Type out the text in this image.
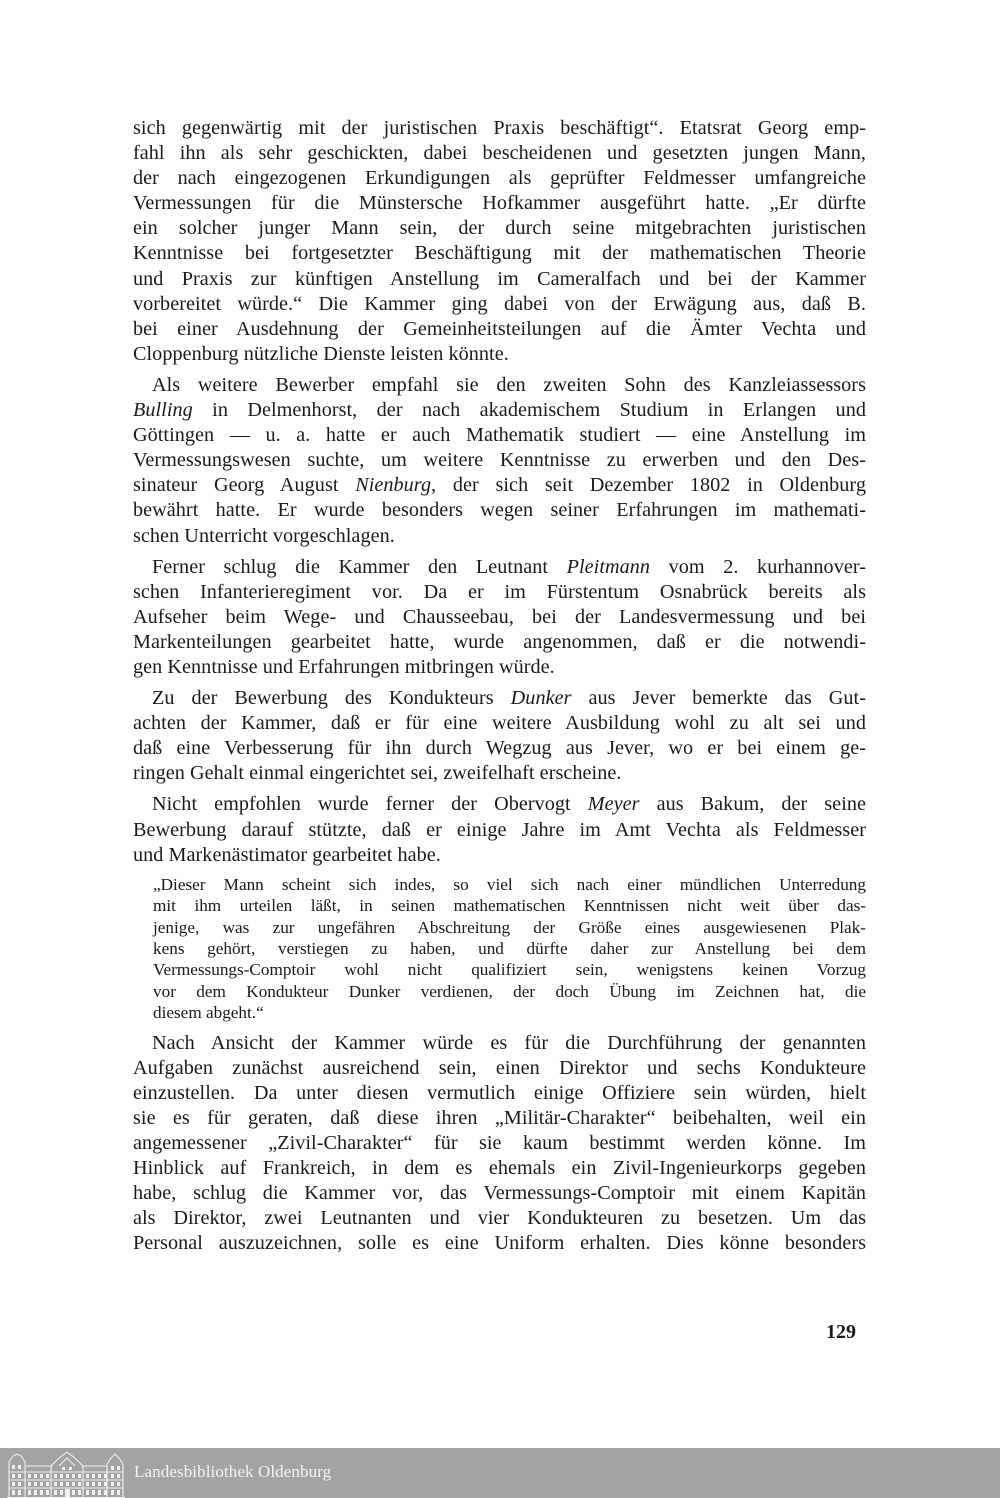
sich gegenwärtig mit der juristischen Praxis beschäftigt“. Etatsrat Georg emp-
fahl ihn als sehr geschickten, dabei bescheidenen und gesetzten jungen Mann,
der nach eingezogenen Erkundigungen als geprüfter Feldmesser umfangreiche
Vermessungen für die Münstersche Hofkammer ausgeführt hatte. „Er dürfte
ein solcher junger Mann sein, der durch seine mitgebrachten juristischen
Kenntnisse bei fortgesetzter Beschäftigung mit der mathematischen Theorie
und Praxis zur künftigen Anstellung im Cameralfach und bei der Kammer
vorbereitet würde.“ Die Kammer ging dabei von der Erwägung aus, daß B.
bei einer Ausdehnung der Gemeinheitsteilungen auf die Ämter Vechta und
Cloppenburg nützliche Dienste leisten könnte.

Als weitere Bewerber empfahl sie den zweiten Sohn des Kanzleiassessors
Bulling in Delmenhorst, der nach akademischem Studium in Erlangen und
Göttingen — u. a. hatte er auch Mathematik studiert — eine Anstellung im
Vermessungswesen suchte, um weitere Kenntnisse zu erwerben und den Des-
sinateur Georg August Nienburg, der sich seit Dezember 1802 in Oldenburg
bewährt hatte. Er wurde besonders wegen seiner Erfahrungen im mathemati-
schen Unterricht vorgeschlagen.

Ferner schlug die Kammer den Leutnant Pleitmann vom 2. kurhannover-
schen Infanterieregiment vor. Da er im Fürstentum Osnabrück bereits als
Aufseher beim Wege- und Chausseebau, bei der Landesvermessung und bei
Markenteilungen gearbeitet hatte, wurde angenommen, daß er die notwendi-
gen Kenntnisse und Erfahrungen mitbringen würde.

Zu der Bewerbung des Kondukteurs Dunker aus Jever bemerkte das Gut-
achten der Kammer, daß er für eine weitere Ausbildung wohl zu alt sei und
daß eine Verbesserung für ihn durch Wegzug aus Jever, wo er bei einem ge-
ringen Gehalt einmal eingerichtet sei, zweifelhaft erscheine.

Nicht empfohlen wurde ferner der Obervogt Meyer aus Bakum, der seine
Bewerbung darauf stützte, daß er einige Jahre im Amt Vechta als Feldmesser
und Markenästimator gearbeitet habe.

„Dieser Mann scheint sich indes, so viel sich nach einer mündlichen Unterredung
mit ihm urteilen läßt, in seinen mathematischen Kenntnissen nicht weit über das-
jenige, was zur ungefähren Abschreitung der Größe eines ausgewiesenen Plak-
kens gehört, verstiegen zu haben, und dürfte daher zur Anstellung bei dem
Vermessungs-Comptoir wohl nicht qualifiziert sein, wenigstens keinen Vorzug
vor dem Kondukteur Dunker verdienen, der doch Übung im Zeichnen hat, die
diesem abgeht.“

Nach Ansicht der Kammer würde es für die Durchführung der genannten
Aufgaben zunächst ausreichend sein, einen Direktor und sechs Kondukteure
einzustellen. Da unter diesen vermutlich einige Offiziere sein würden, hielt
sie es für geraten, daß diese ihren „Militär-Charakter“ beibehalten, weil ein
angemessener „Zivil-Charakter“ für sie kaum bestimmt werden könne. Im
Hinblick auf Frankreich, in dem es ehemals ein Zivil-Ingenieurkorps gegeben
habe, schlug die Kammer vor, das Vermessungs-Comptoir mit einem Kapitän
als Direktor, zwei Leutnanten und vier Kondukteuren zu besetzen. Um das
Personal auszuzeichnen, solle es eine Uniform erhalten. Dies könne besonders

129
Landesbibliothek Oldenburg
